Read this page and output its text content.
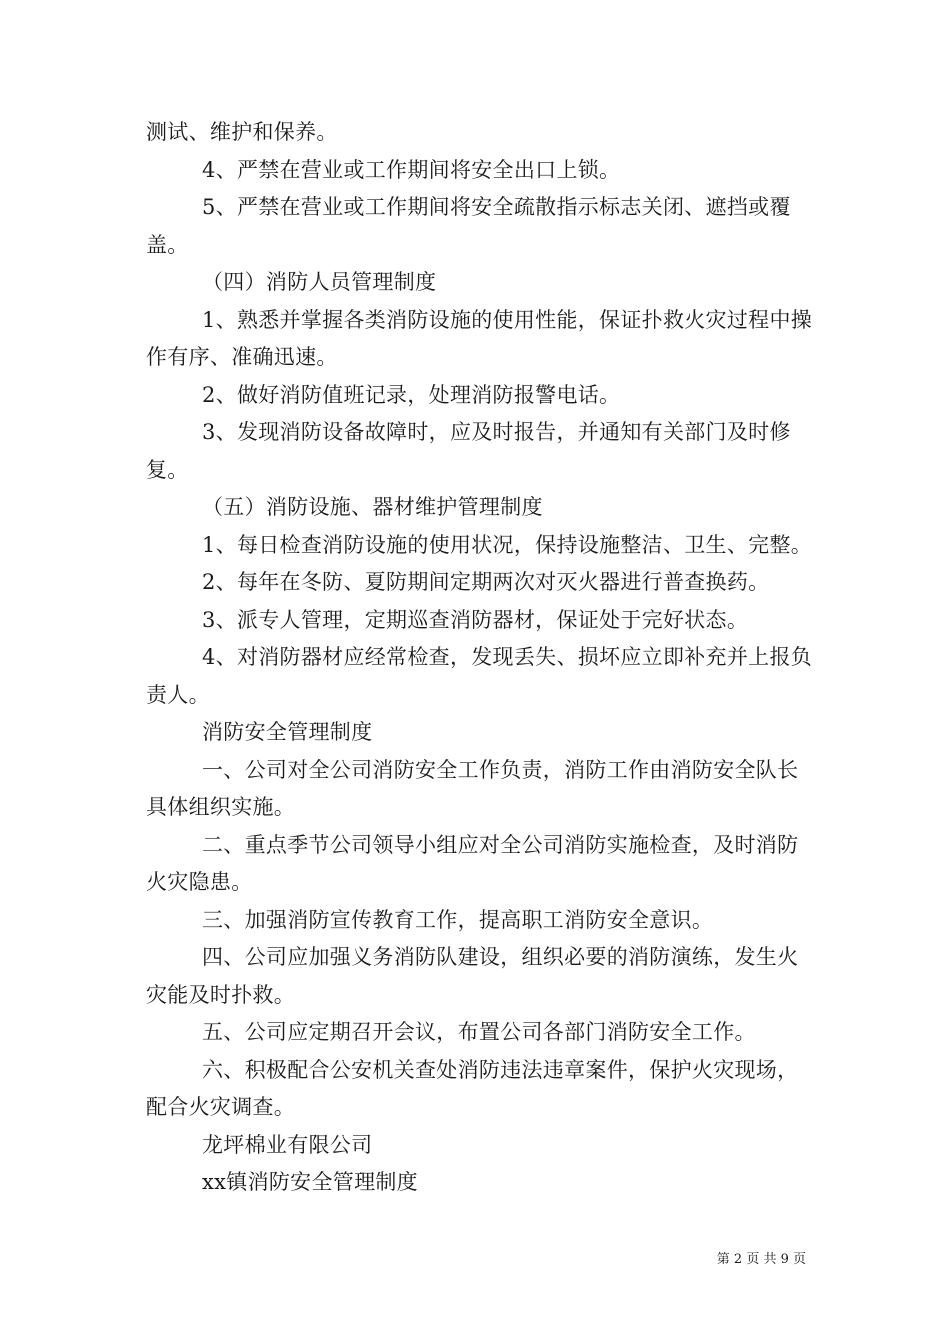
测试、维护和保养。

4、严禁在营业或工作期间将安全出口上锁。

5、严禁在营业或工作期间将安全疏散指示标志关闭、遮挡或覆盖。

（四）消防人员管理制度

1、熟悉并掌握各类消防设施的使用性能，保证扑救火灾过程中操作有序、准确迅速。

2、做好消防值班记录，处理消防报警电话。

3、发现消防设备故障时，应及时报告，并通知有关部门及时修复。

（五）消防设施、器材维护管理制度

1、每日检查消防设施的使用状况，保持设施整洁、卫生、完整。

2、每年在冬防、夏防期间定期两次对灭火器进行普查换药。

3、派专人管理，定期巡查消防器材，保证处于完好状态。

4、对消防器材应经常检查，发现丢失、损坏应立即补充并上报负责人。

消防安全管理制度

一、公司对全公司消防安全工作负责，消防工作由消防安全队长具体组织实施。

二、重点季节公司领导小组应对全公司消防实施检查，及时消防火灾隐患。

三、加强消防宣传教育工作，提高职工消防安全意识。

四、公司应加强义务消防队建设，组织必要的消防演练，发生火灾能及时扑救。

五、公司应定期召开会议，布置公司各部门消防安全工作。

六、积极配合公安机关查处消防违法违章案件，保护火灾现场，配合火灾调查。

龙坪棉业有限公司

xx镇消防安全管理制度

第 2 页 共 9 页
